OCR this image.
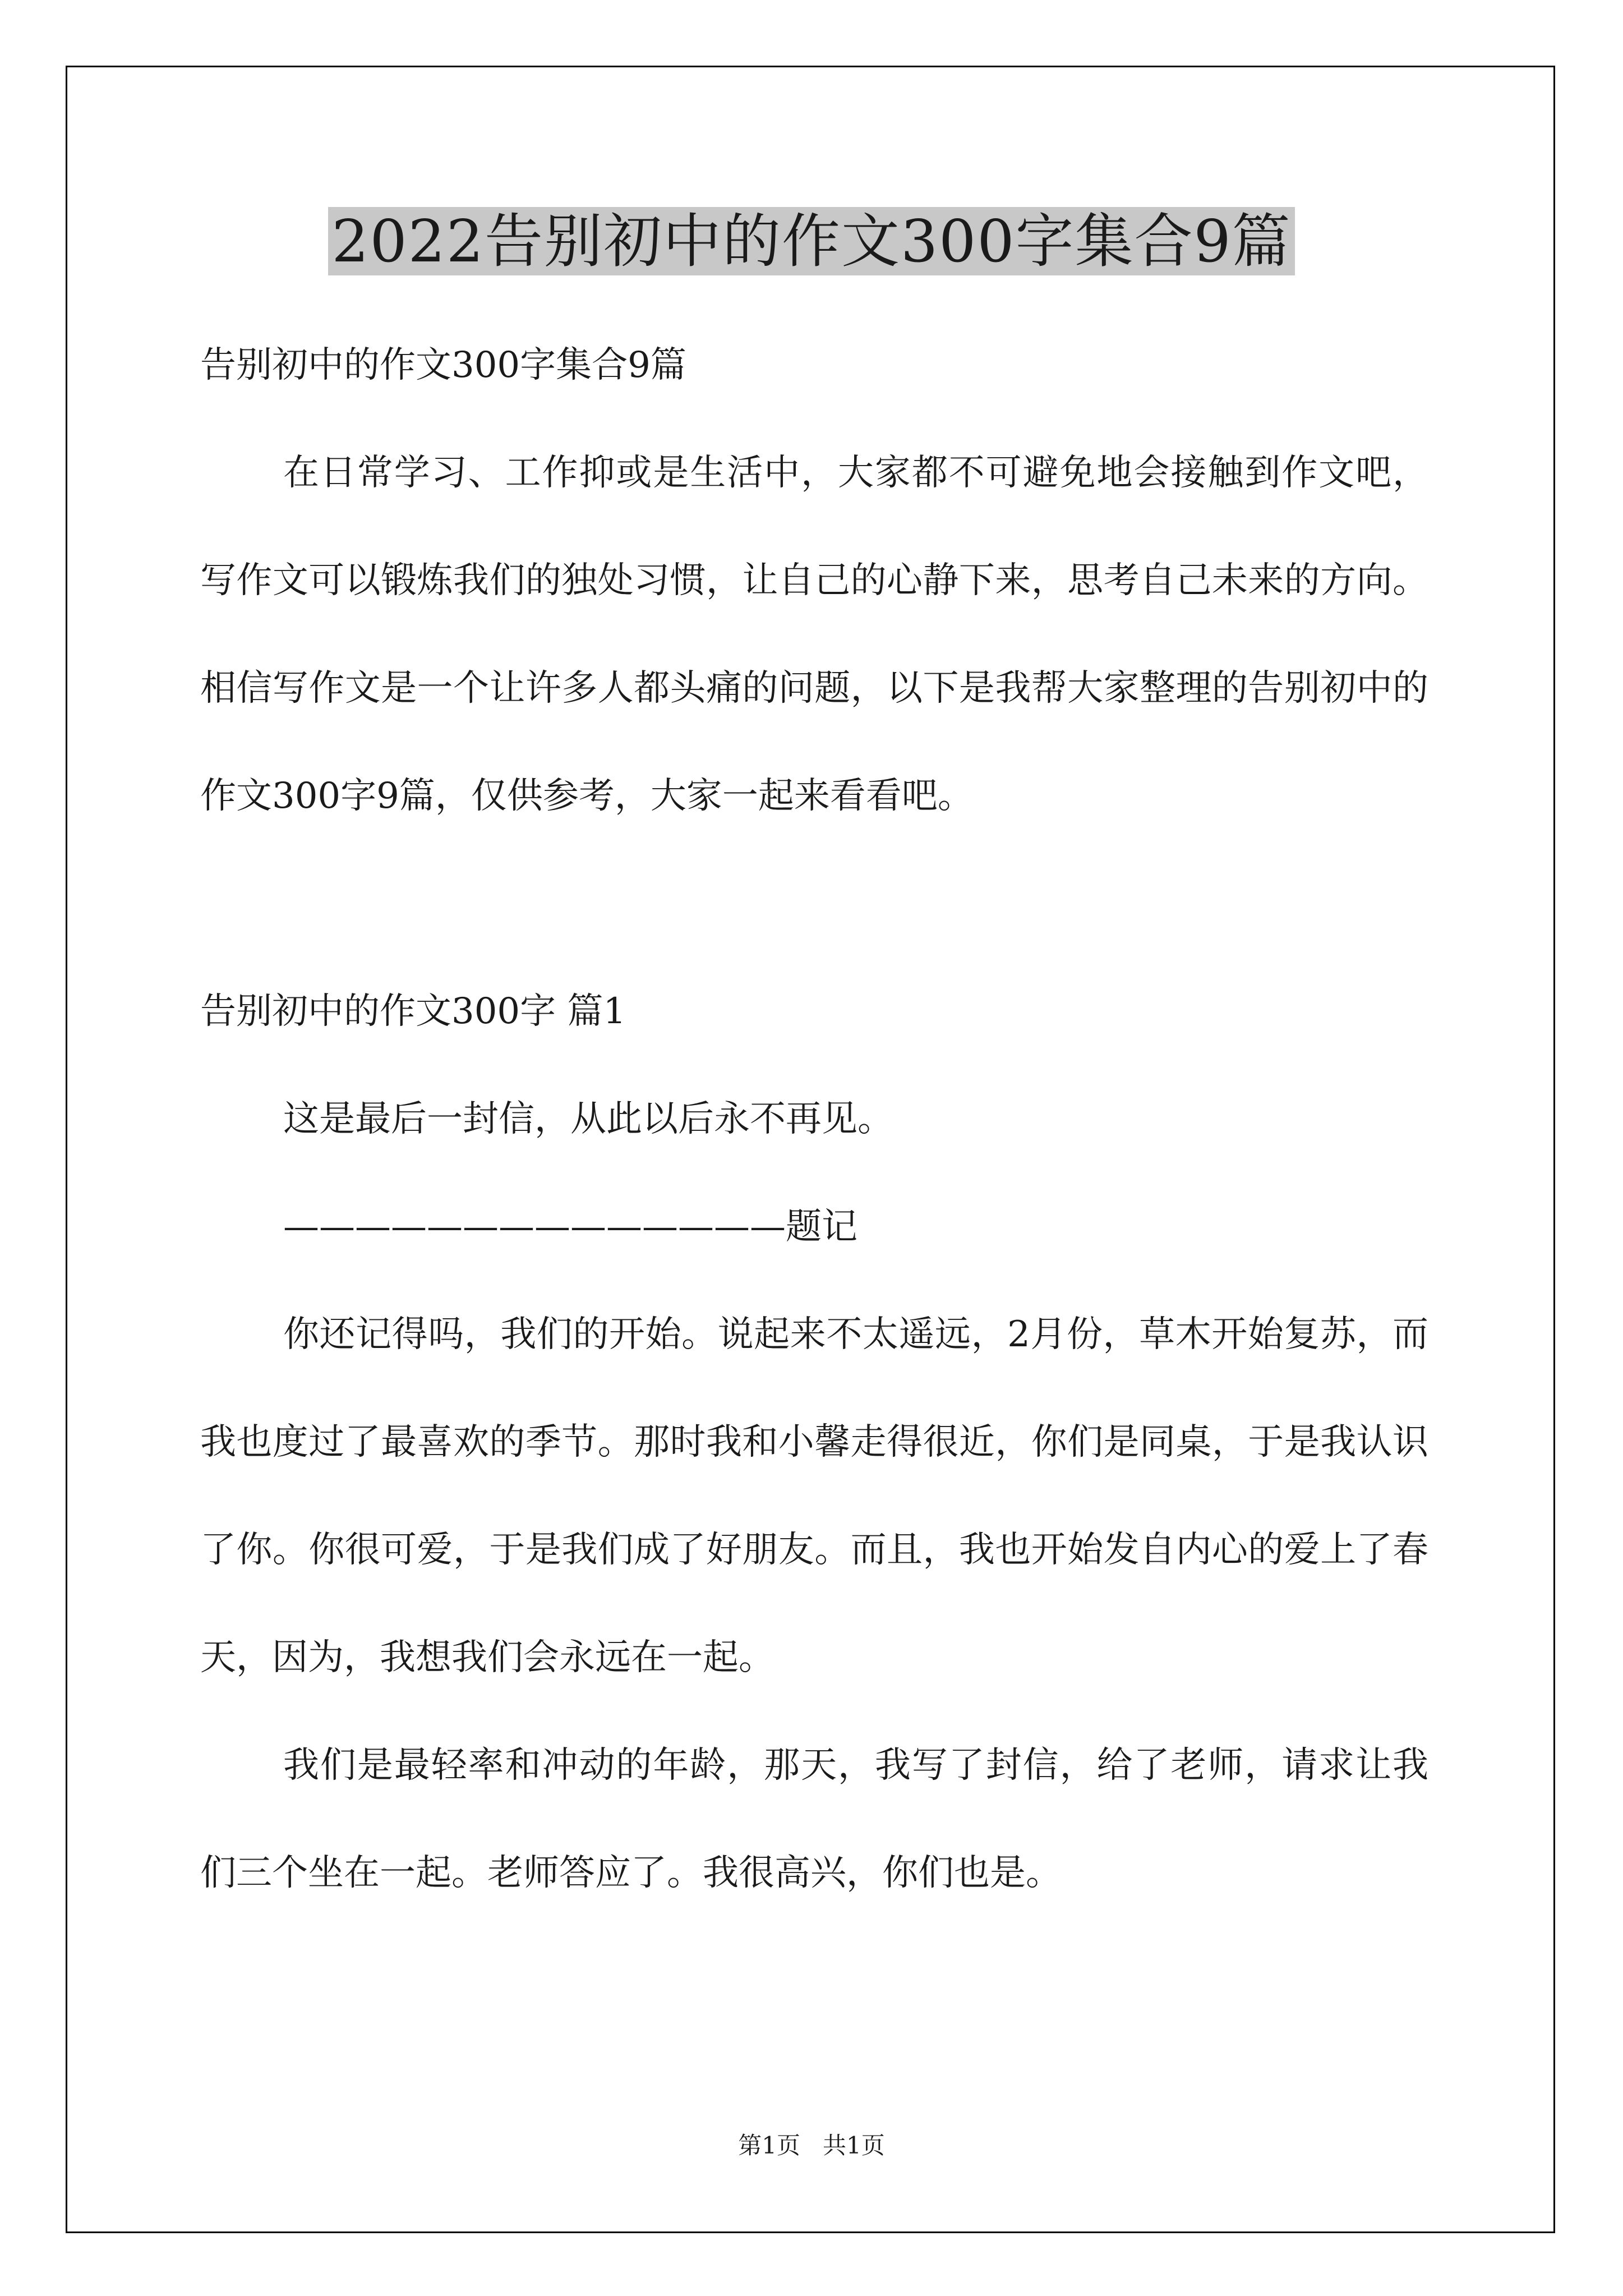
2022告别初中的作文300字集合9篇
告别初中的作文300字集合9篇

在日常学习、工作抑或是生活中，大家都不可避免地会接触到作文吧，写作文可以锻炼我们的独处习惯，让自己的心静下来，思考自己未来的方向。相信写作文是一个让许多人都头痛的问题，以下是我帮大家整理的告别初中的作文300字9篇，仅供参考，大家一起来看看吧。

告别初中的作文300字 篇1
这是最后一封信，从此以后永不再见。
——————————————题记

你还记得吗，我们的开始。说起来不太遥远，2月份，草木开始复苏，而我也度过了最喜欢的季节。那时我和小馨走得很近，你们是同桌，于是我认识了你。你很可爱，于是我们成了好朋友。而且，我也开始发自内心的爱上了春天，因为，我想我们会永远在一起。

我们是最轻率和冲动的年龄，那天，我写了封信，给了老师，请求让我们三个坐在一起。老师答应了。我很高兴，你们也是。

第1页   共1页
